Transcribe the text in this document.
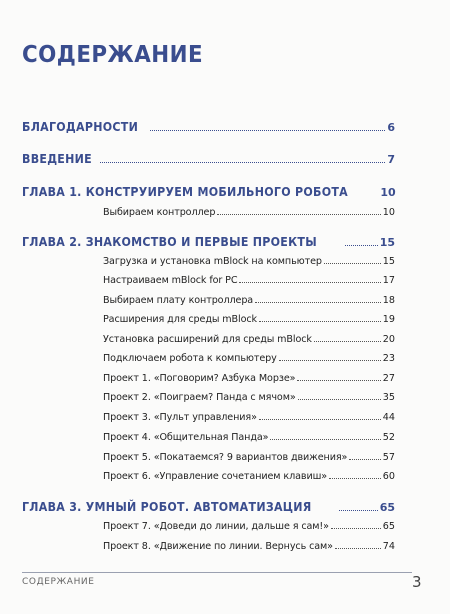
СОДЕРЖАНИЕ
БЛАГОДАРНОСТИ	6
ВВЕДЕНИЕ	7
ГЛАВА 1. КОНСТРУИРУЕМ МОБИЛЬНОГО РОБОТА	10
Выбираем контроллер	10
ГЛАВА 2. ЗНАКОМСТВО И ПЕРВЫЕ ПРОЕКТЫ	15
Загрузка и установка mBlock на компьютер	15
Настраиваем mBlock for PC	17
Выбираем плату контроллера	18
Расширения для среды mBlock	19
Установка расширений для среды mBlock	20
Подключаем робота к компьютеру	23
Проект 1. «Поговорим? Азбука Морзе»	27
Проект 2. «Поиграем? Панда с мячом»	35
Проект 3. «Пульт управления»	44
Проект 4. «Общительная Панда»	52
Проект 5. «Покатаемся? 9 вариантов движения»	57
Проект 6. «Управление сочетанием клавиш»	60
ГЛАВА 3. УМНЫЙ РОБОТ. АВТОМАТИЗАЦИЯ	65
Проект 7. «Доведи до линии, дальше я сам!»	65
Проект 8. «Движение по линии. Вернусь сам»	74
СОДЕРЖАНИЕ	3
